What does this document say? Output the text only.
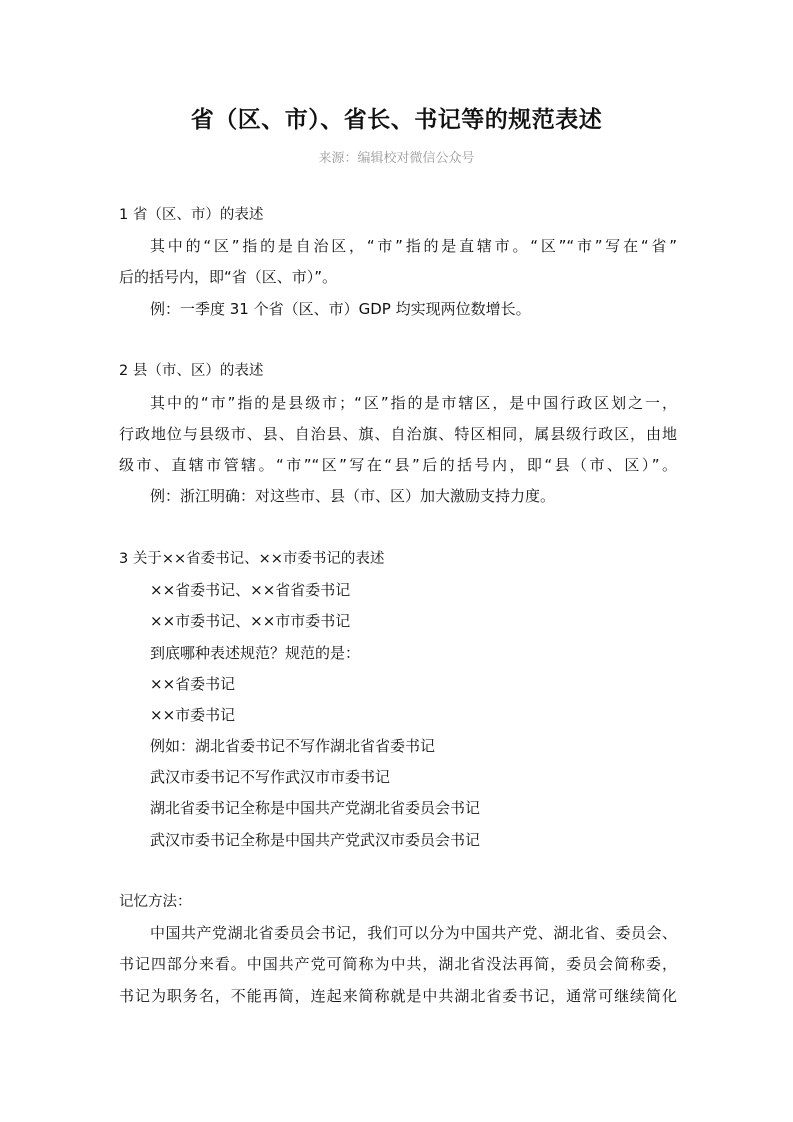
省（区、市）、省长、书记等的规范表述
来源：编辑校对微信公众号
1 省（区、市）的表述
其中的“区”指的是自治区，“市”指的是直辖市。“区”“市”写在“省”
后的括号内，即“省（区、市）”。
例：一季度 31 个省（区、市）GDP 均实现两位数增长。
2 县（市、区）的表述
其中的“市”指的是县级市；“区”指的是市辖区，是中国行政区划之一，
行政地位与县级市、县、自治县、旗、自治旗、特区相同，属县级行政区，由地
级市、直辖市管辖。“市”“区”写在“县”后的括号内，即“县（市、区）”。
例：浙江明确：对这些市、县（市、区）加大激励支持力度。
3 关于××省委书记、××市委书记的表述
××省委书记、××省省委书记
××市委书记、××市市委书记
到底哪种表述规范？规范的是：
××省委书记
××市委书记
例如：湖北省委书记不写作湖北省省委书记
武汉市委书记不写作武汉市市委书记
湖北省委书记全称是中国共产党湖北省委员会书记
武汉市委书记全称是中国共产党武汉市委员会书记
记忆方法：
中国共产党湖北省委员会书记，我们可以分为中国共产党、湖北省、委员会、
书记四部分来看。中国共产党可简称为中共，湖北省没法再简，委员会简称委，
书记为职务名，不能再简，连起来简称就是中共湖北省委书记，通常可继续简化
